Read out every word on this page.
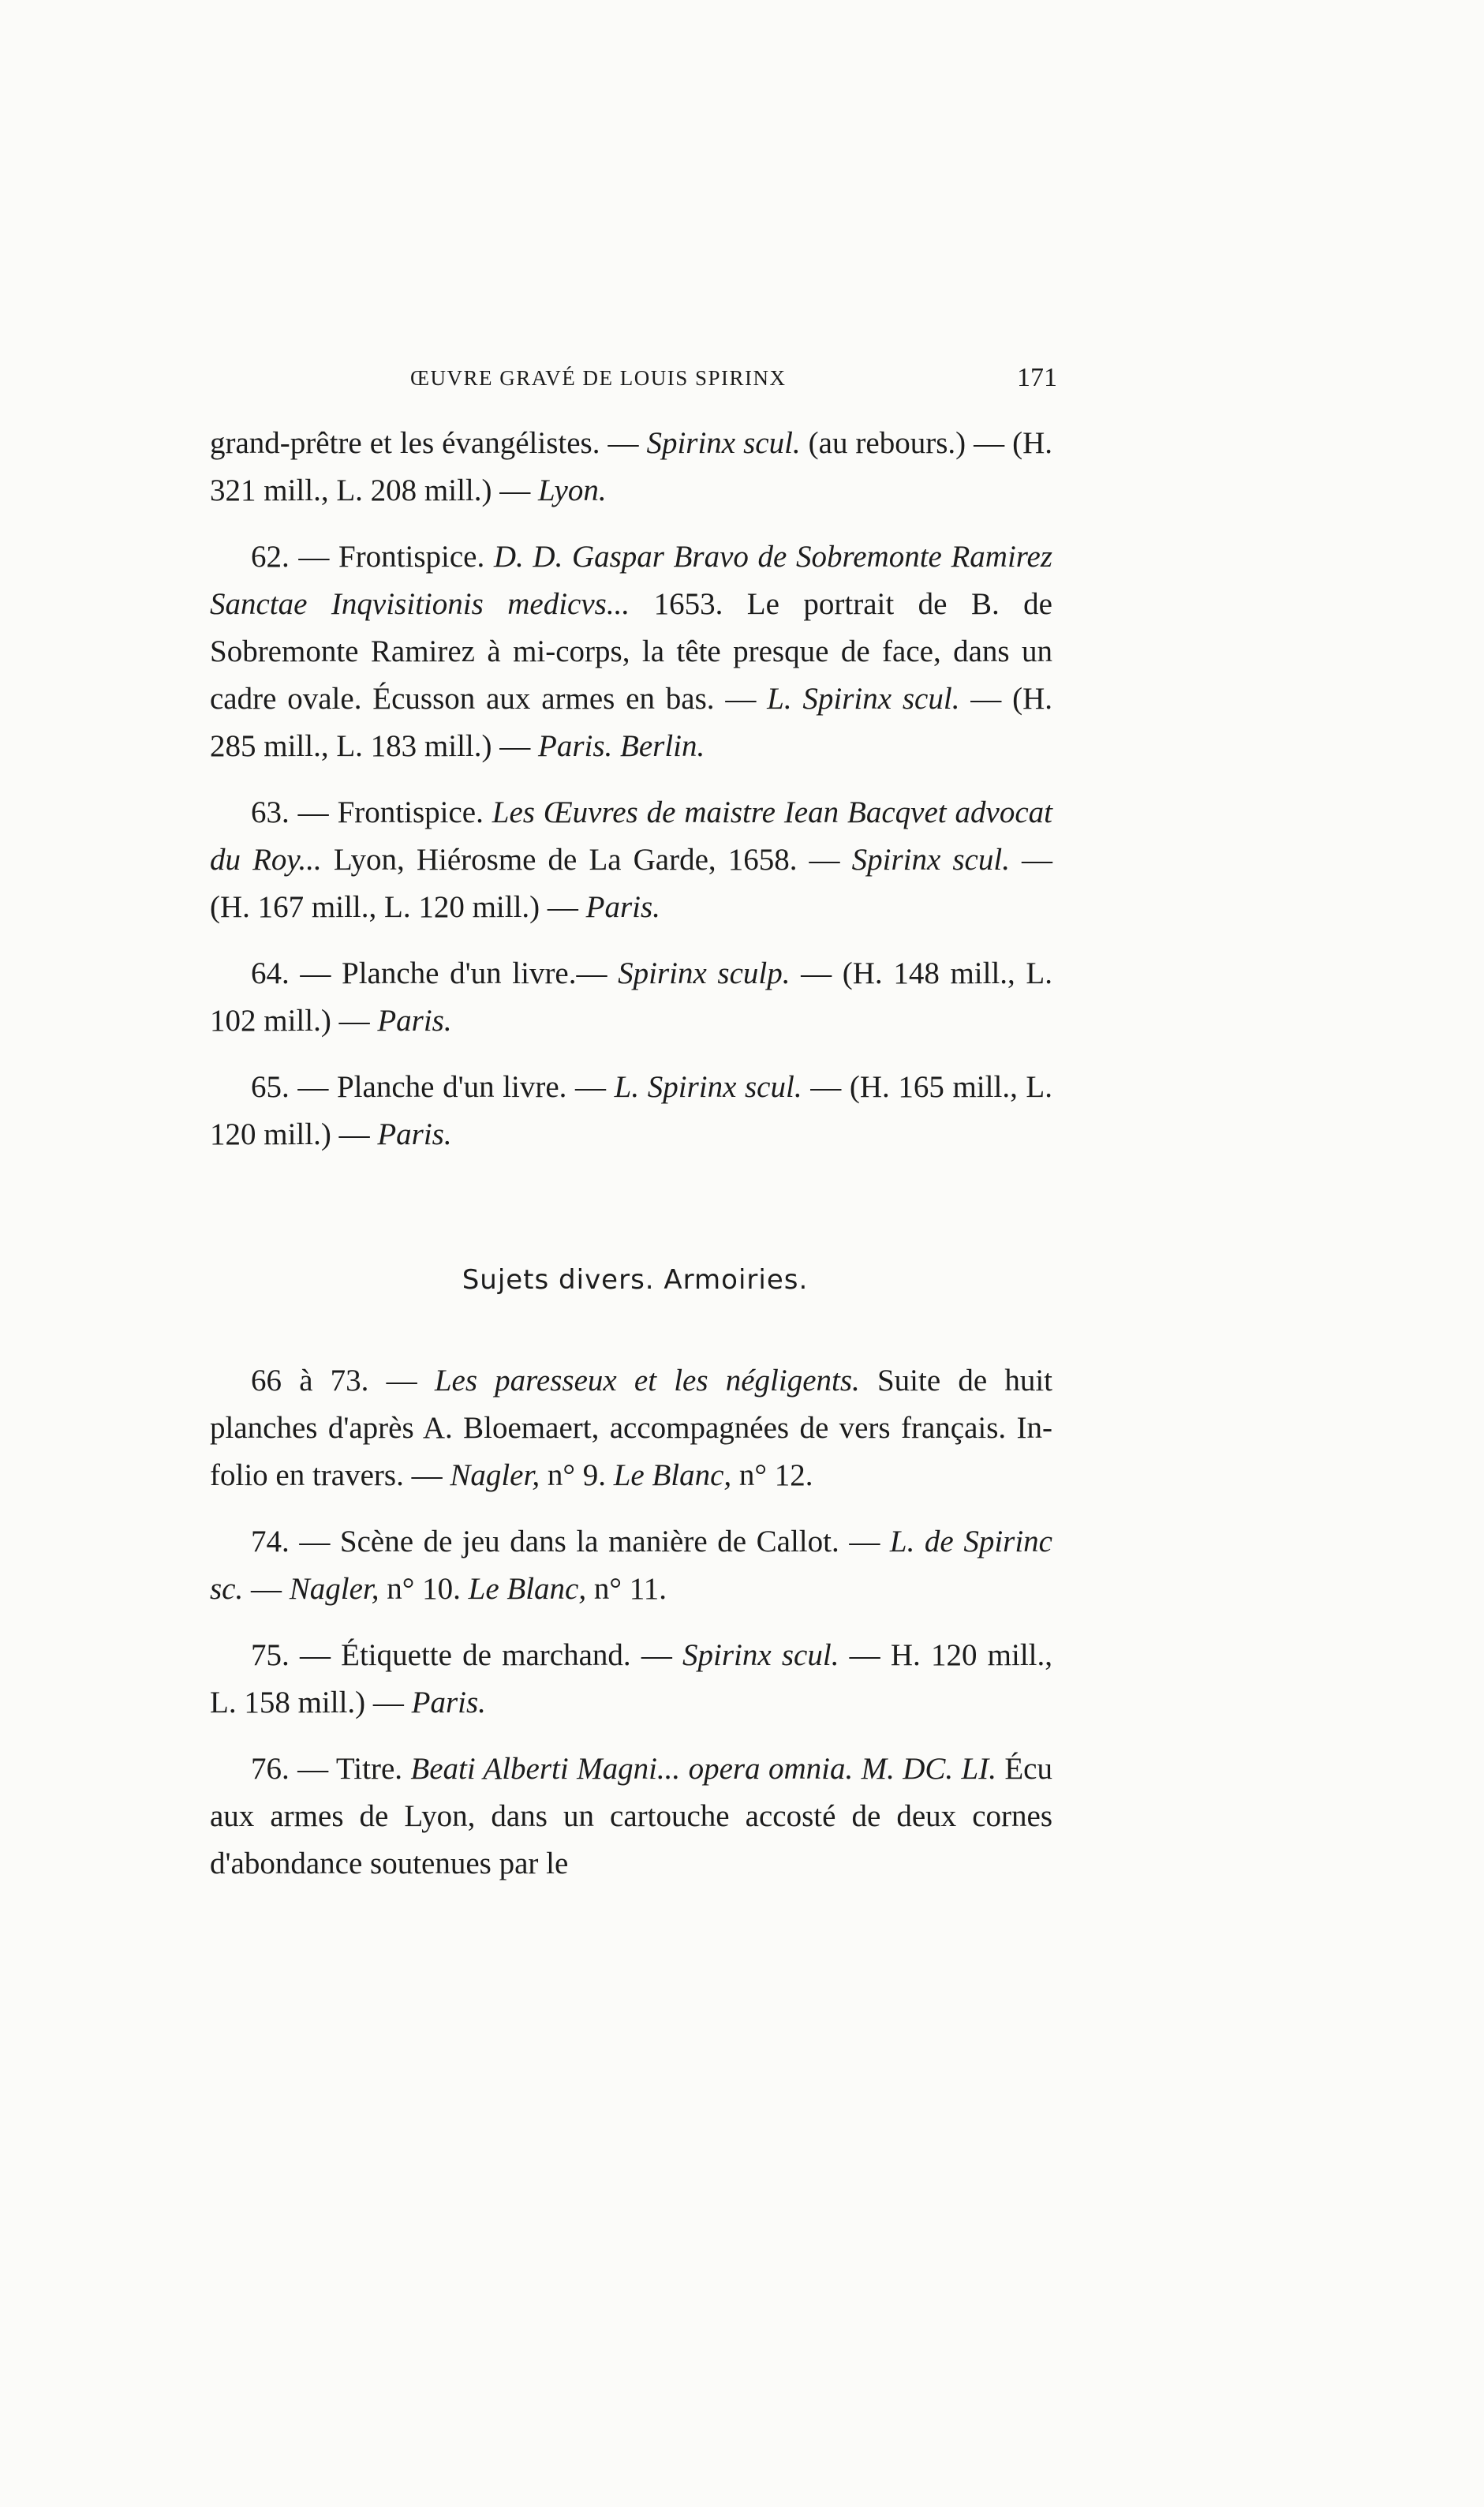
ŒUVRE GRAVÉ DE LOUIS SPIRINX	171

grand-prêtre et les évangélistes. — Spirinx scul. (au rebours.) — (H. 321 mill., L. 208 mill.) — Lyon.

62. — Frontispice. D. D. Gaspar Bravo de Sobremonte Ramirez Sanctae Inqvisitionis medicvs... 1653. Le portrait de B. de Sobremonte Ramirez à mi-corps, la tête presque de face, dans un cadre ovale. Écusson aux armes en bas. — L. Spirinx scul. — (H. 285 mill., L. 183 mill.) — Paris. Berlin.

63. — Frontispice. Les Œuvres de maistre Iean Bacqvet advocat du Roy... Lyon, Hiérosme de La Garde, 1658. — Spirinx scul. — (H. 167 mill., L. 120 mill.) — Paris.

64. — Planche d'un livre.— Spirinx sculp. — (H. 148 mill., L. 102 mill.) — Paris.

65. — Planche d'un livre. — L. Spirinx scul. — (H. 165 mill., L. 120 mill.) — Paris.

Sujets divers. Armoiries.

66 à 73. — Les paresseux et les négligents. Suite de huit planches d'après A. Bloemaert, accompagnées de vers français. In-folio en travers. — Nagler, n° 9. Le Blanc, n° 12.

74. — Scène de jeu dans la manière de Callot. — L. de Spirinc sc. — Nagler, n° 10. Le Blanc, n° 11.

75. — Étiquette de marchand. — Spirinx scul. — H. 120 mill., L. 158 mill.) — Paris.

76. — Titre. Beati Alberti Magni... opera omnia. M. DC. LI. Écu aux armes de Lyon, dans un cartouche accosté de deux cornes d'abondance soutenues par le
